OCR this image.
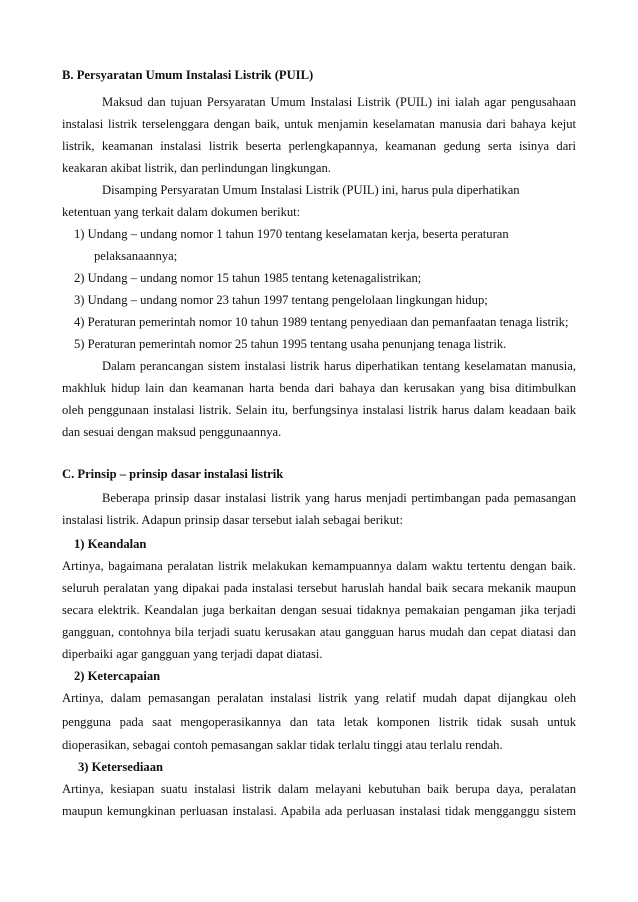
B. Persyaratan Umum Instalasi Listrik (PUIL)
Maksud dan tujuan Persyaratan Umum Instalasi Listrik (PUIL) ini ialah agar pengusahaan
instalasi listrik terselenggara dengan baik, untuk menjamin keselamatan manusia dari bahaya kejut
listrik, keamanan instalasi listrik beserta perlengkapannya, keamanan gedung serta isinya dari
keakaran akibat listrik, dan perlindungan lingkungan.
Disamping Persyaratan Umum Instalasi Listrik (PUIL) ini, harus pula diperhatikan
ketentuan yang terkait dalam dokumen berikut:
1) Undang – undang nomor 1 tahun 1970 tentang keselamatan kerja, beserta peraturan
pelaksanaannya;
2) Undang – undang nomor 15 tahun 1985 tentang ketenagalistrikan;
3) Undang – undang nomor 23 tahun 1997 tentang pengelolaan lingkungan hidup;
4) Peraturan pemerintah nomor 10 tahun 1989 tentang penyediaan dan pemanfaatan tenaga listrik;
5) Peraturan pemerintah nomor 25 tahun 1995 tentang usaha penunjang tenaga listrik.
Dalam perancangan sistem instalasi listrik harus diperhatikan tentang keselamatan manusia,
makhluk hidup lain dan keamanan harta benda dari bahaya dan kerusakan yang bisa ditimbulkan
oleh penggunaan instalasi listrik. Selain itu, berfungsinya instalasi listrik harus dalam keadaan baik
dan sesuai dengan maksud penggunaannya.
C. Prinsip – prinsip dasar instalasi listrik
Beberapa prinsip dasar instalasi listrik yang harus menjadi pertimbangan pada pemasangan
instalasi listrik. Adapun prinsip dasar tersebut ialah sebagai berikut:
1) Keandalan
Artinya, bagaimana peralatan listrik melakukan kemampuannya dalam waktu tertentu dengan baik.
seluruh peralatan yang dipakai pada instalasi tersebut haruslah handal baik secara mekanik maupun
secara elektrik. Keandalan juga berkaitan dengan sesuai tidaknya pemakaian pengaman jika terjadi
gangguan, contohnya bila terjadi suatu kerusakan atau gangguan harus mudah dan cepat diatasi dan
diperbaiki agar gangguan yang terjadi dapat diatasi.
2) Ketercapaian
Artinya, dalam pemasangan peralatan instalasi listrik yang relatif mudah dapat dijangkau oleh
pengguna pada saat mengoperasikannya dan tata letak komponen listrik tidak susah untuk
dioperasikan, sebagai contoh pemasangan saklar tidak terlalu tinggi atau terlalu rendah.
3) Ketersediaan
Artinya, kesiapan suatu instalasi listrik dalam melayani kebutuhan baik berupa daya, peralatan
maupun kemungkinan perluasan instalasi. Apabila ada perluasan instalasi tidak mengganggu sistem
